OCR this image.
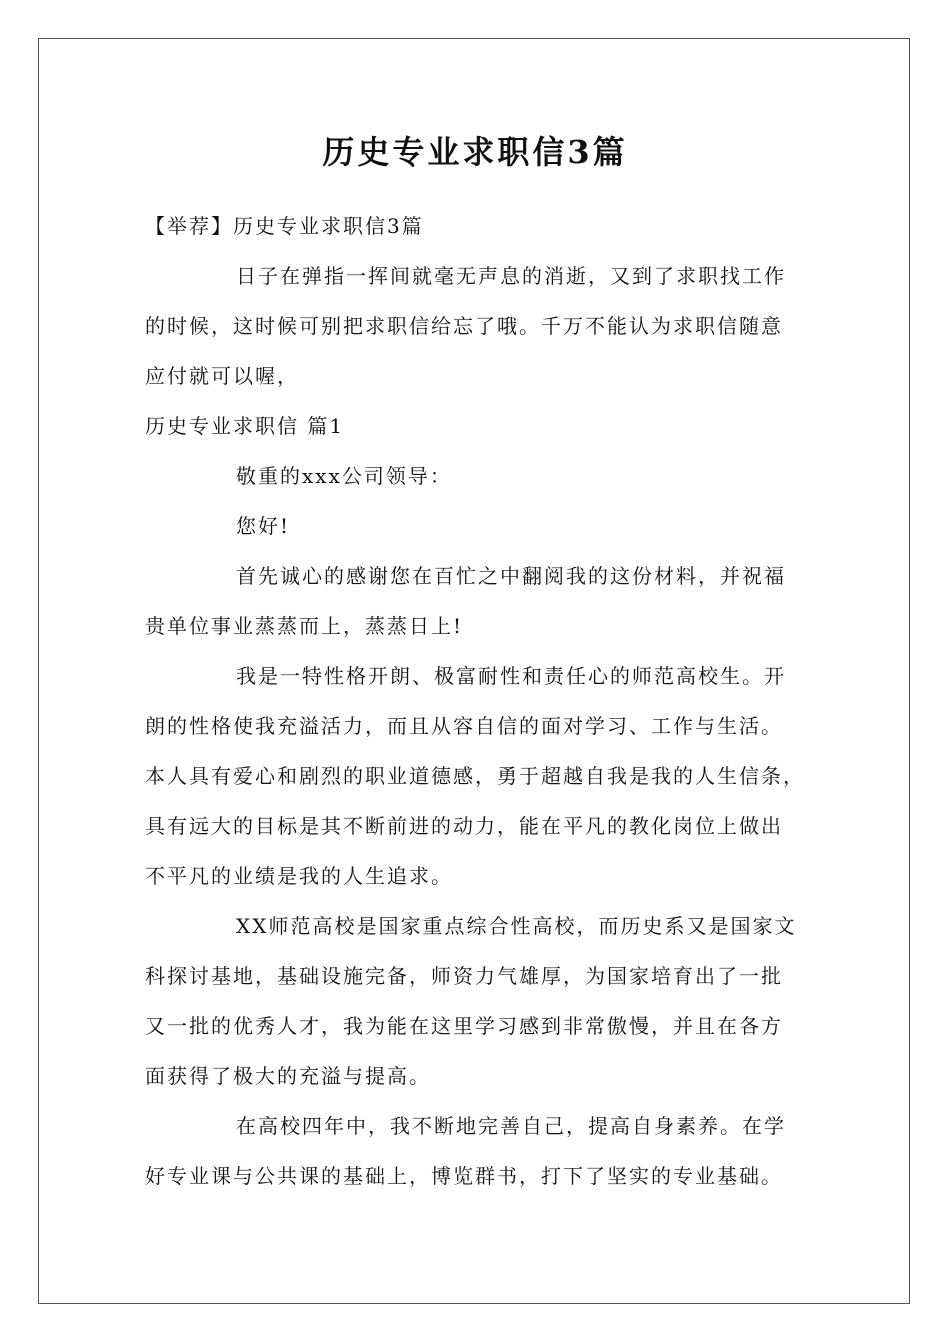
历史专业求职信3篇

【举荐】历史专业求职信3篇

日子在弹指一挥间就毫无声息的消逝，又到了求职找工作

的时候，这时候可别把求职信给忘了哦。千万不能认为求职信随意

应付就可以喔，

历史专业求职信 篇1

敬重的xxx公司领导：

您好!

首先诚心的感谢您在百忙之中翻阅我的这份材料，并祝福

贵单位事业蒸蒸而上，蒸蒸日上!

我是一特性格开朗、极富耐性和责任心的师范高校生。开

朗的性格使我充溢活力，而且从容自信的面对学习、工作与生活。

本人具有爱心和剧烈的职业道德感，勇于超越自我是我的人生信条，

具有远大的目标是其不断前进的动力，能在平凡的教化岗位上做出

不平凡的业绩是我的人生追求。

XX师范高校是国家重点综合性高校，而历史系又是国家文

科探讨基地，基础设施完备，师资力气雄厚，为国家培育出了一批

又一批的优秀人才，我为能在这里学习感到非常傲慢，并且在各方

面获得了极大的充溢与提高。

在高校四年中，我不断地完善自己，提高自身素养。在学

好专业课与公共课的基础上，博览群书，打下了坚实的专业基础。
